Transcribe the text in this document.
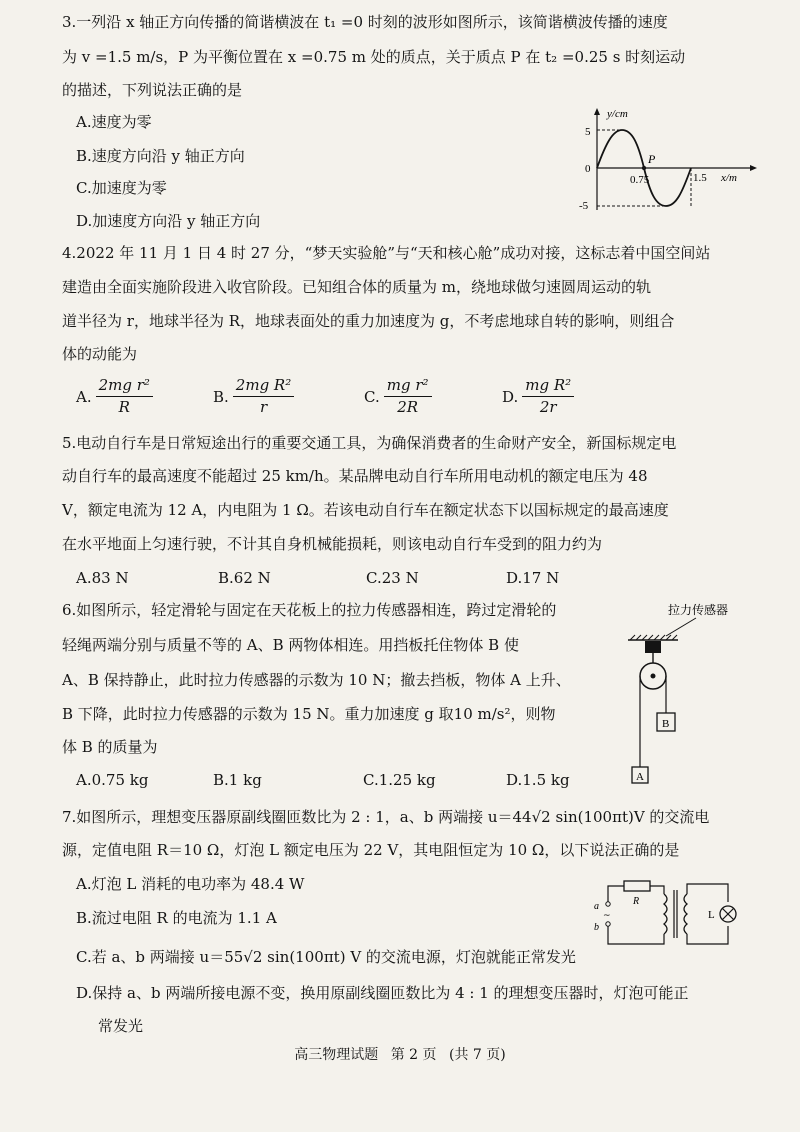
3.一列沿 x 轴正方向传播的简谐横波在 t₁ =0 时刻的波形如图所示，该简谐横波传播的速度
为 v =1.5 m/s，P 为平衡位置在 x =0.75 m 处的质点，关于质点 P 在 t₂ =0.25 s 时刻运动
的描述，下列说法正确的是
A.速度为零
B.速度方向沿 y 轴正方向
C.加速度为零
D.加速度方向沿 y 轴正方向
y/cm
5
0
-5
0.75	1.5 x/m
P
4.2022 年 11 月 1 日 4 时 27 分，“梦天实验舱”与“天和核心舱”成功对接，这标志着中国空间站
建造由全面实施阶段进入收官阶段。已知组合体的质量为 m，绕地球做匀速圆周运动的轨
道半径为 r，地球半径为 R，地球表面处的重力加速度为 g，不考虑地球自转的影响，则组合
体的动能为
A. $\frac{\text{2mg r²}}{R}$	B. $\frac{\text{2mg R²}}{r}$	C. $\frac{\text{mg r²}}{2R}$	D. $\frac{\text{mg R²}}{2r}$
5.电动自行车是日常短途出行的重要交通工具，为确保消费者的生命财产安全，新国标规定电
动自行车的最高速度不能超过 25 km/h。某品牌电动自行车所用电动机的额定电压为 48
V，额定电流为 12 A，内电阻为 1 Ω。若该电动自行车在额定状态下以国标规定的最高速度
在水平地面上匀速行驶，不计其自身机械能损耗，则该电动自行车受到的阻力约为
A.83 N	B.62 N	C.23 N	D.17 N
6.如图所示，轻定滑轮与固定在天花板上的拉力传感器相连，跨过定滑轮的
轻绳两端分别与质量不等的 A、B 两物体相连。用挡板托住物体 B 使
A、B 保持静止，此时拉力传感器的示数为 10 N；撤去挡板，物体 A 上升、
B 下降，此时拉力传感器的示数为 15 N。重力加速度 g 取10 m/s²，则物
体 B 的质量为
A.0.75 kg	B.1 kg	C.1.25 kg	D.1.5 kg
拉力传感器
B
A
7.如图所示，理想变压器原副线圈匝数比为 2 : 1，a、b 两端接 u＝44√2 sin(100πt)V 的交流电
源，定值电阻 R＝10 Ω，灯泡 L 额定电压为 22 V，其电阻恒定为 10 Ω，以下说法正确的是
A.灯泡 L 消耗的电功率为 48.4 W
B.流过电阻 R 的电流为 1.1 A
C.若 a、b 两端接 u＝55√2 sin(100πt) V 的交流电源，灯泡就能正常发光
D.保持 a、b 两端所接电源不变，换用原副线圈匝数比为 4 : 1 的理想变压器时，灯泡可能正
常发光
a
b
~
R
L
高三物理试题 第 2 页 (共 7 页)
